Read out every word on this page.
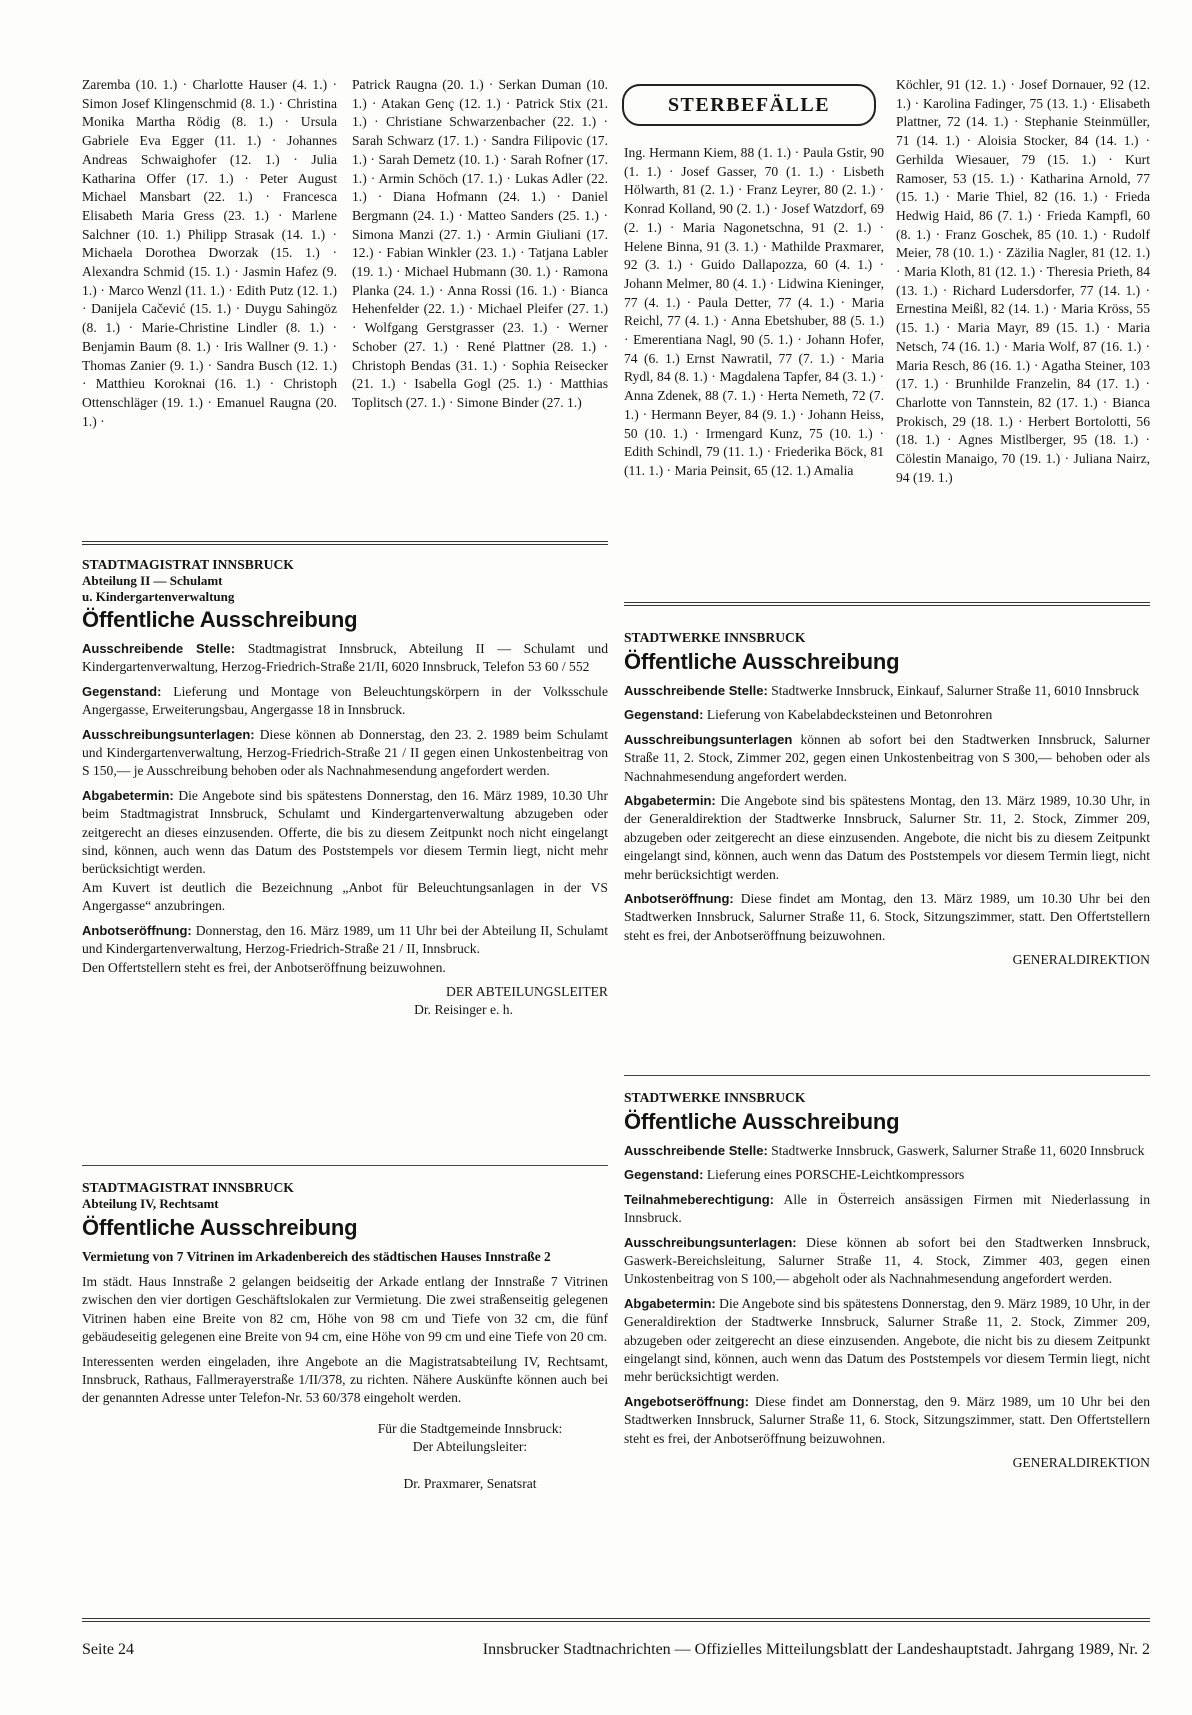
Zaremba (10. 1.) · Charlotte Hauser (4. 1.) · Simon Josef Klingenschmid (8. 1.) · Christina Monika Martha Rödig (8. 1.) · Ursula Gabriele Eva Egger (11. 1.) · Johannes Andreas Schwaighofer (12. 1.) · Julia Katharina Offer (17. 1.) · Peter August Michael Mansbart (22. 1.) · Francesca Elisabeth Maria Gress (23. 1.) · Marlene Salchner (10. 1.) Philipp Strasak (14. 1.) · Michaela Dorothea Dworzak (15. 1.) · Alexandra Schmid (15. 1.) · Jasmin Hafez (9. 1.) · Marco Wenzl (11. 1.) · Edith Putz (12. 1.) · Danijela Cačević (15. 1.) · Duygu Sahingöz (8. 1.) · Marie-Christine Lindler (8. 1.) · Benjamin Baum (8. 1.) · Iris Wallner (9. 1.) · Thomas Zanier (9. 1.) · Sandra Busch (12. 1.) · Matthieu Koroknai (16. 1.) · Christoph Ottenschläger (19. 1.) · Emanuel Raugna (20. 1.) ·

Patrick Raugna (20. 1.) · Serkan Duman (10. 1.) · Atakan Genç (12. 1.) · Patrick Stix (21. 1.) · Christiane Schwarzenbacher (22. 1.) · Sarah Schwarz (17. 1.) · Sandra Filipovic (17. 1.) · Sarah Demetz (10. 1.) · Sarah Rofner (17. 1.) · Armin Schöch (17. 1.) · Lukas Adler (22. 1.) · Diana Hofmann (24. 1.) · Daniel Bergmann (24. 1.) · Matteo Sanders (25. 1.) · Simona Manzi (27. 1.) · Armin Giuliani (17. 12.) · Fabian Winkler (23. 1.) · Tatjana Labler (19. 1.) · Michael Hubmann (30. 1.) · Ramona Planka (24. 1.) · Anna Rossi (16. 1.) · Bianca Hehenfelder (22. 1.) · Michael Pleifer (27. 1.) · Wolfgang Gerstgrasser (23. 1.) · Werner Schober (27. 1.) · René Plattner (28. 1.) · Christoph Bendas (31. 1.) · Sophia Reisecker (21. 1.) · Isabella Gogl (25. 1.) · Matthias Toplitsch (27. 1.) · Simone Binder (27. 1.)

STERBEFÄLLE

Ing. Hermann Kiem, 88 (1. 1.) · Paula Gstir, 90 (1. 1.) · Josef Gasser, 70 (1. 1.) · Lisbeth Hölwarth, 81 (2. 1.) · Franz Leyrer, 80 (2. 1.) · Konrad Kolland, 90 (2. 1.) · Josef Watzdorf, 69 (2. 1.) · Maria Nagonetschna, 91 (2. 1.) · Helene Binna, 91 (3. 1.) · Mathilde Praxmarer, 92 (3. 1.) · Guido Dallapozza, 60 (4. 1.) · Johann Melmer, 80 (4. 1.) · Lidwina Kieninger, 77 (4. 1.) · Paula Detter, 77 (4. 1.) · Maria Reichl, 77 (4. 1.) · Anna Ebetshuber, 88 (5. 1.) · Emerentiana Nagl, 90 (5. 1.) · Johann Hofer, 74 (6. 1.) Ernst Nawratil, 77 (7. 1.) · Maria Rydl, 84 (8. 1.) · Magdalena Tapfer, 84 (3. 1.) · Anna Zdenek, 88 (7. 1.) · Herta Nemeth, 72 (7. 1.) · Hermann Beyer, 84 (9. 1.) · Johann Heiss, 50 (10. 1.) · Irmengard Kunz, 75 (10. 1.) · Edith Schindl, 79 (11. 1.) · Friederika Böck, 81 (11. 1.) · Maria Peinsit, 65 (12. 1.) Amalia

Köchler, 91 (12. 1.) · Josef Dornauer, 92 (12. 1.) · Karolina Fadinger, 75 (13. 1.) · Elisabeth Plattner, 72 (14. 1.) · Stephanie Steinmüller, 71 (14. 1.) · Aloisia Stocker, 84 (14. 1.) · Gerhilda Wiesauer, 79 (15. 1.) · Kurt Ramoser, 53 (15. 1.) · Katharina Arnold, 77 (15. 1.) · Marie Thiel, 82 (16. 1.) · Frieda Hedwig Haid, 86 (7. 1.) · Frieda Kampfl, 60 (8. 1.) · Franz Goschek, 85 (10. 1.) · Rudolf Meier, 78 (10. 1.) · Zäzilia Nagler, 81 (12. 1.) · Maria Kloth, 81 (12. 1.) · Theresia Prieth, 84 (13. 1.) · Richard Ludersdorfer, 77 (14. 1.) · Ernestina Meißl, 82 (14. 1.) · Maria Kröss, 55 (15. 1.) · Maria Mayr, 89 (15. 1.) · Maria Netsch, 74 (16. 1.) · Maria Wolf, 87 (16. 1.) · Maria Resch, 86 (16. 1.) · Agatha Steiner, 103 (17. 1.) · Brunhilde Franzelin, 84 (17. 1.) · Charlotte von Tannstein, 82 (17. 1.) · Bianca Prokisch, 29 (18. 1.) · Herbert Bortolotti, 56 (18. 1.) · Agnes Mistlberger, 95 (18. 1.) · Cölestin Manaigo, 70 (19. 1.) · Juliana Nairz, 94 (19. 1.)

STADTMAGISTRAT INNSBRUCK
Abteilung II — Schulamt
u. Kindergartenverwaltung
Öffentliche Ausschreibung

Ausschreibende Stelle: Stadtmagistrat Innsbruck, Abteilung II — Schulamt und Kindergartenverwaltung, Herzog-Friedrich-Straße 21/II, 6020 Innsbruck, Telefon 53 60 / 552

Gegenstand: Lieferung und Montage von Beleuchtungskörpern in der Volksschule Angergasse, Erweiterungsbau, Angergasse 18 in Innsbruck.

Ausschreibungsunterlagen: Diese können ab Donnerstag, den 23. 2. 1989 beim Schulamt und Kindergartenverwaltung, Herzog-Friedrich-Straße 21 / II gegen einen Unkostenbeitrag von S 150,— je Ausschreibung behoben oder als Nachnahmesendung angefordert werden.

Abgabetermin: Die Angebote sind bis spätestens Donnerstag, den 16. März 1989, 10.30 Uhr beim Stadtmagistrat Innsbruck, Schulamt und Kindergartenverwaltung abzugeben oder zeitgerecht an dieses einzusenden. Offerte, die bis zu diesem Zeitpunkt noch nicht eingelangt sind, können, auch wenn das Datum des Poststempels vor diesem Termin liegt, nicht mehr berücksichtigt werden.

Am Kuvert ist deutlich die Bezeichnung „Anbot für Beleuchtungsanlagen in der VS Angergasse“ anzubringen.

Anbotseröffnung: Donnerstag, den 16. März 1989, um 11 Uhr bei der Abteilung II, Schulamt und Kindergartenverwaltung, Herzog-Friedrich-Straße 21 / II, Innsbruck.

Den Offertstellern steht es frei, der Anbotseröffnung beizuwohnen.

DER ABTEILUNGSLEITER

Dr. Reisinger e. h.

STADTMAGISTRAT INNSBRUCK
Abteilung IV, Rechtsamt
Öffentliche Ausschreibung

Vermietung von 7 Vitrinen im Arkadenbereich des städtischen Hauses Innstraße 2

Im städt. Haus Innstraße 2 gelangen beidseitig der Arkade entlang der Innstraße 7 Vitrinen zwischen den vier dortigen Geschäftslokalen zur Vermietung. Die zwei straßenseitig gelegenen Vitrinen haben eine Breite von 82 cm, Höhe von 98 cm und Tiefe von 32 cm, die fünf gebäudeseitig gelegenen eine Breite von 94 cm, eine Höhe von 99 cm und eine Tiefe von 20 cm.

Interessenten werden eingeladen, ihre Angebote an die Magistratsabteilung IV, Rechtsamt, Innsbruck, Rathaus, Fallmerayerstraße 1/II/378, zu richten. Nähere Auskünfte können auch bei der genannten Adresse unter Telefon-Nr. 53 60/378 eingeholt werden.

Für die Stadtgemeinde Innsbruck:

Der Abteilungsleiter:

Dr. Praxmarer, Senatsrat

STADTWERKE INNSBRUCK
Öffentliche Ausschreibung

Ausschreibende Stelle: Stadtwerke Innsbruck, Einkauf, Salurner Straße 11, 6010 Innsbruck

Gegenstand: Lieferung von Kabelabdecksteinen und Betonrohren

Ausschreibungsunterlagen können ab sofort bei den Stadtwerken Innsbruck, Salurner Straße 11, 2. Stock, Zimmer 202, gegen einen Unkostenbeitrag von S 300,— behoben oder als Nachnahmesendung angefordert werden.

Abgabetermin: Die Angebote sind bis spätestens Montag, den 13. März 1989, 10.30 Uhr, in der Generaldirektion der Stadtwerke Innsbruck, Salurner Str. 11, 2. Stock, Zimmer 209, abzugeben oder zeitgerecht an diese einzusenden. Angebote, die nicht bis zu diesem Zeitpunkt eingelangt sind, können, auch wenn das Datum des Poststempels vor diesem Termin liegt, nicht mehr berücksichtigt werden.

Anbotseröffnung: Diese findet am Montag, den 13. März 1989, um 10.30 Uhr bei den Stadtwerken Innsbruck, Salurner Straße 11, 6. Stock, Sitzungszimmer, statt. Den Offertstellern steht es frei, der Anbotseröffnung beizuwohnen.

GENERALDIREKTION

STADTWERKE INNSBRUCK
Öffentliche Ausschreibung

Ausschreibende Stelle: Stadtwerke Innsbruck, Gaswerk, Salurner Straße 11, 6020 Innsbruck

Gegenstand: Lieferung eines PORSCHE-Leichtkompressors

Teilnahmeberechtigung: Alle in Österreich ansässigen Firmen mit Niederlassung in Innsbruck.

Ausschreibungsunterlagen: Diese können ab sofort bei den Stadtwerken Innsbruck, Gaswerk-Bereichsleitung, Salurner Straße 11, 4. Stock, Zimmer 403, gegen einen Unkostenbeitrag von S 100,— abgeholt oder als Nachnahmesendung angefordert werden.

Abgabetermin: Die Angebote sind bis spätestens Donnerstag, den 9. März 1989, 10 Uhr, in der Generaldirektion der Stadtwerke Innsbruck, Salurner Straße 11, 2. Stock, Zimmer 209, abzugeben oder zeitgerecht an diese einzusenden. Angebote, die nicht bis zu diesem Zeitpunkt eingelangt sind, können, auch wenn das Datum des Poststempels vor diesem Termin liegt, nicht mehr berücksichtigt werden.

Angebotseröffnung: Diese findet am Donnerstag, den 9. März 1989, um 10 Uhr bei den Stadtwerken Innsbruck, Salurner Straße 11, 6. Stock, Sitzungszimmer, statt. Den Offertstellern steht es frei, der Anbotseröffnung beizuwohnen.

GENERALDIREKTION

Seite 24	Innsbrucker Stadtnachrichten — Offizielles Mitteilungsblatt der Landeshauptstadt. Jahrgang 1989, Nr. 2
